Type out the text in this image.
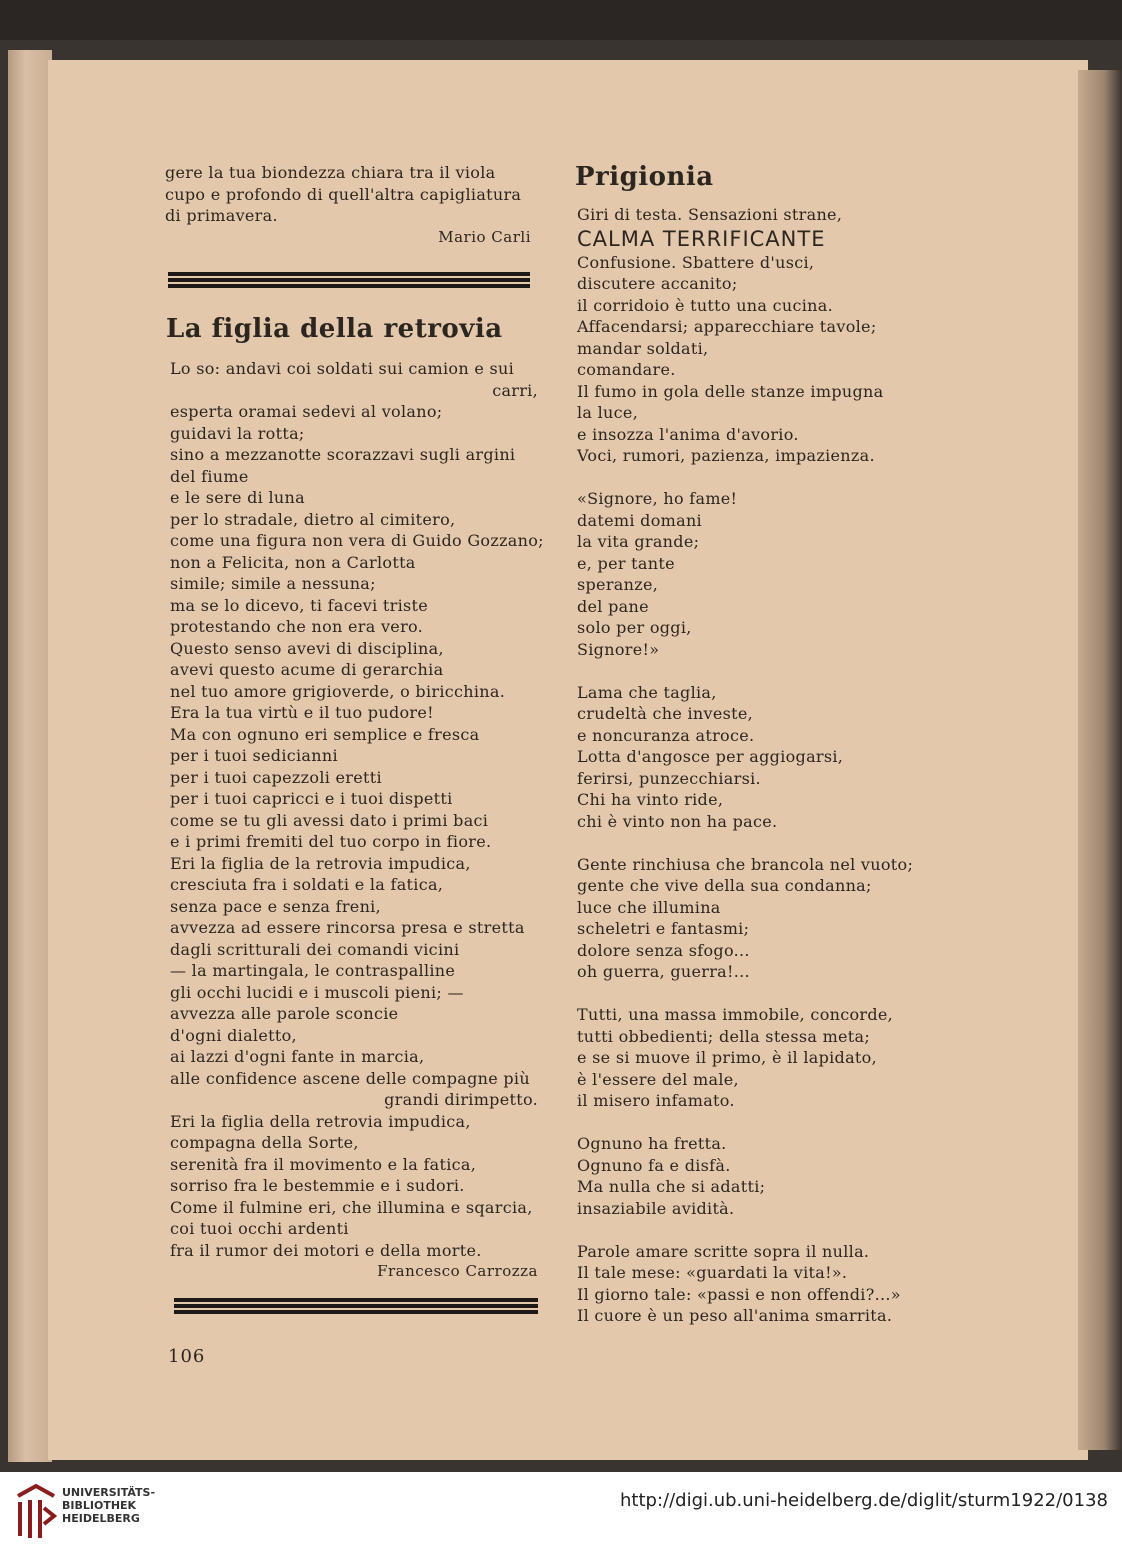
gere la tua biondezza chiara tra il viola
cupo e profondo di quell'altra capigliatura
di primavera.
Mario Carli
La figlia della retrovia
Lo so: andavi coi soldati sui camion e sui
carri,
esperta oramai sedevi al volano;
guidavi la rotta;
sino a mezzanotte scorazzavi sugli argini
del fiume
e le sere di luna
per lo stradale, dietro al cimitero,
come una figura non vera di Guido Gozzano;
non a Felicita, non a Carlotta
simile; simile a nessuna;
ma se lo dicevo, ti facevi triste
protestando che non era vero.
Questo senso avevi di disciplina,
avevi questo acume di gerarchia
nel tuo amore grigioverde, o biricchina.
Era la tua virtù e il tuo pudore!
Ma con ognuno eri semplice e fresca
per i tuoi sedicianni
per i tuoi capezzoli eretti
per i tuoi capricci e i tuoi dispetti
come se tu gli avessi dato i primi baci
e i primi fremiti del tuo corpo in fiore.
Eri la figlia de la retrovia impudica,
cresciuta fra i soldati e la fatica,
senza pace e senza freni,
avvezza ad essere rincorsa presa e stretta
dagli scritturali dei comandi vicini
— la martingala, le contraspalline
gli occhi lucidi e i muscoli pieni; —
avvezza alle parole sconcie
d'ogni dialetto,
ai lazzi d'ogni fante in marcia,
alle confidence ascene delle compagne più
grandi dirimpetto.
Eri la figlia della retrovia impudica,
compagna della Sorte,
serenità fra il movimento e la fatica,
sorriso fra le bestemmie e i sudori.
Come il fulmine eri, che illumina e sqarcia,
coi tuoi occhi ardenti
fra il rumor dei motori e della morte.
Francesco Carrozza
106
Prigionia
Giri di testa. Sensazioni strane,
CALMA TERRIFICANTE
Confusione. Sbattere d'usci,
discutere accanito;
il corridoio è tutto una cucina.
Affacendarsi; apparecchiare tavole;
mandar soldati,
comandare.
Il fumo in gola delle stanze impugna
la luce,
e insozza l'anima d'avorio.
Voci, rumori, pazienza, impazienza.
«Signore, ho fame!
datemi domani
la vita grande;
e, per tante
speranze,
del pane
solo per oggi,
Signore!»
Lama che taglia,
crudeltà che investe,
e noncuranza atroce.
Lotta d'angosce per aggiogarsi,
ferirsi, punzecchiarsi.
Chi ha vinto ride,
chi è vinto non ha pace.
Gente rinchiusa che brancola nel vuoto;
gente che vive della sua condanna;
luce che illumina
scheletri e fantasmi;
dolore senza sfogo...
oh guerra, guerra!...
Tutti, una massa immobile, concorde,
tutti obbedienti; della stessa meta;
e se si muove il primo, è il lapidato,
è l'essere del male,
il misero infamato.
Ognuno ha fretta.
Ognuno fa e disfà.
Ma nulla che si adatti;
insaziabile avidità.
Parole amare scritte sopra il nulla.
Il tale mese: «guardati la vita!».
Il giorno tale: «passi e non offendi?...»
Il cuore è un peso all'anima smarrita.
UNIVERSITÄTS-
BIBLIOTHEK
HEIDELBERG
http://digi.ub.uni-heidelberg.de/diglit/sturm1922/0138
